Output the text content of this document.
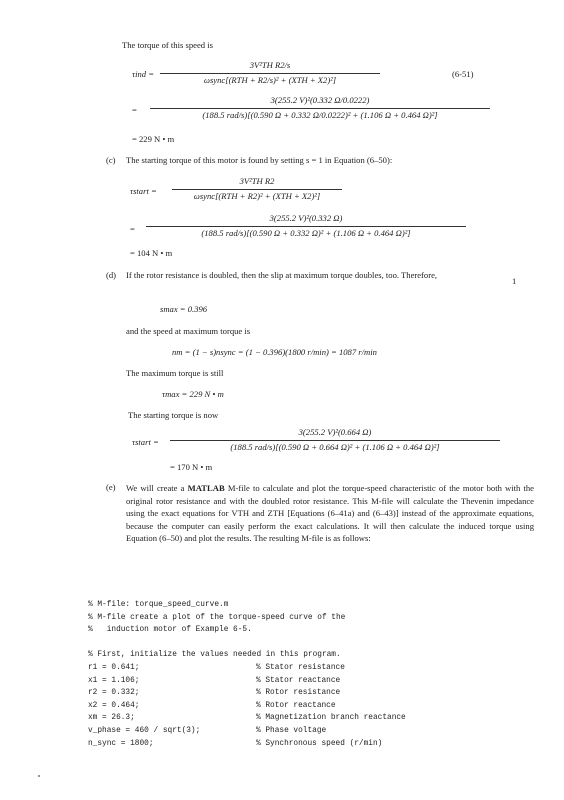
The torque of this speed is
τind =
3V²TH R2/s
ωsync[(RTH + R2/s)² + (XTH + X2)²]
(6-51)
=
3(255.2 V)²(0.332 Ω/0.0222)
(188.5 rad/s)[(0.590 Ω + 0.332 Ω/0.0222)² + (1.106 Ω + 0.464 Ω)²]
= 229 N • m
(c) The starting torque of this motor is found by setting s = 1 in Equation (6–50):
τstart =
3V²TH R2
ωsync[(RTH + R2)² + (XTH + X2)²]
=
3(255.2 V)²(0.332 Ω)
(188.5 rad/s)[(0.590 Ω + 0.332 Ω)² + (1.106 Ω + 0.464 Ω)²]
= 104 N • m
(d) If the rotor resistance is doubled, then the slip at maximum torque doubles, too. Therefore,
1
smax = 0.396
and the speed at maximum torque is
nm = (1 − s)nsync = (1 − 0.396)(1800 r/min) = 1087 r/min
The maximum torque is still
τmax = 229 N • m
The starting torque is now
τstart =
3(255.2 V)²(0.664 Ω)
(188.5 rad/s)[(0.590 Ω + 0.664 Ω)² + (1.106 Ω + 0.464 Ω)²]
= 170 N • m
(e) We will create a MATLAB M-file to calculate and plot the torque-speed characteristic of the motor both with the original rotor resistance and with the doubled rotor resistance. This M-file will calculate the Thevenin impedance using the exact equations for VTH and ZTH [Equations (6–41a) and (6–43)] instead of the approximate equations, because the computer can easily perform the exact calculations. It will then calculate the induced torque using Equation (6–50) and plot the results. The resulting M-file is as follows:
% M-file: torque_speed_curve.m
% M-file create a plot of the torque-speed curve of the
%   induction motor of Example 6-5.
% First, initialize the values needed in this program.
r1 = 0.641;	% Stator resistance
x1 = 1.106;	% Stator reactance
r2 = 0.332;	% Rotor resistance
x2 = 0.464;	% Rotor reactance
xm = 26.3;	% Magnetization branch reactance
v_phase = 460 / sqrt(3);	% Phase voltage
n_sync = 1800;	% Synchronous speed (r/min)
